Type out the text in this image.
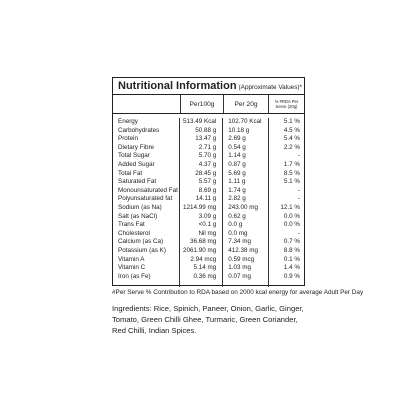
Nutritional Information (Approximate Values)*
Per100g	Per 20g	% #RDA Per Serve (20g)
Energy
Carbohydrates
Protein
Dietary Fibre
Total Sugar
Added Sugar
Total Fat
Saturated Fat
Monounsaturated Fat
Polyunsaturated fat
Sodium (as Na)
Salt (as NaCl)
Trans Fat
Cholesterol
Calcium (as Ca)
Potassium (as K)
Vitamin A
Vitamin C
Iron (as Fe)
513.49 Kcal
50.88 g
13.47 g
2.71 g
5.70 g
4.37 g
28.45 g
5.57 g
8.69 g
14.11 g
1214.99 mg
3.09 g
<0.1 g
Nil mg
36.68 mg
2061.90 mg
2.94 mcg
5.14 mg
0.36 mg
102.70 Kcal
10.18 g
2.69 g
0.54 g
1.14 g
0.87 g
5.69 g
1.11 g
1.74 g
2.82 g
243.00 mg
0.62 g
0.0 g
0.0 mg
7.34 mg
412.38 mg
0.59 mcg
1.03 mg
0.07 mg
5.1 %
4.5 %
5.4 %
2.2 %
-
1.7 %
8.5 %
5.1 %
-
-
12.1 %
0.0 %
0.0 %
-
0.7 %
8.8 %
0.1 %
1.4 %
0.9 %
#Per Serve % Contribution to RDA based on 2000 kcal energy for average Adult Per Day
Ingredients: Rice, Spinich, Paneer, Onion, Garlic, Ginger, Tomato, Green Chilli Ghee, Turmaric, Green Coriander, Red Chilli, Indian Spices.
